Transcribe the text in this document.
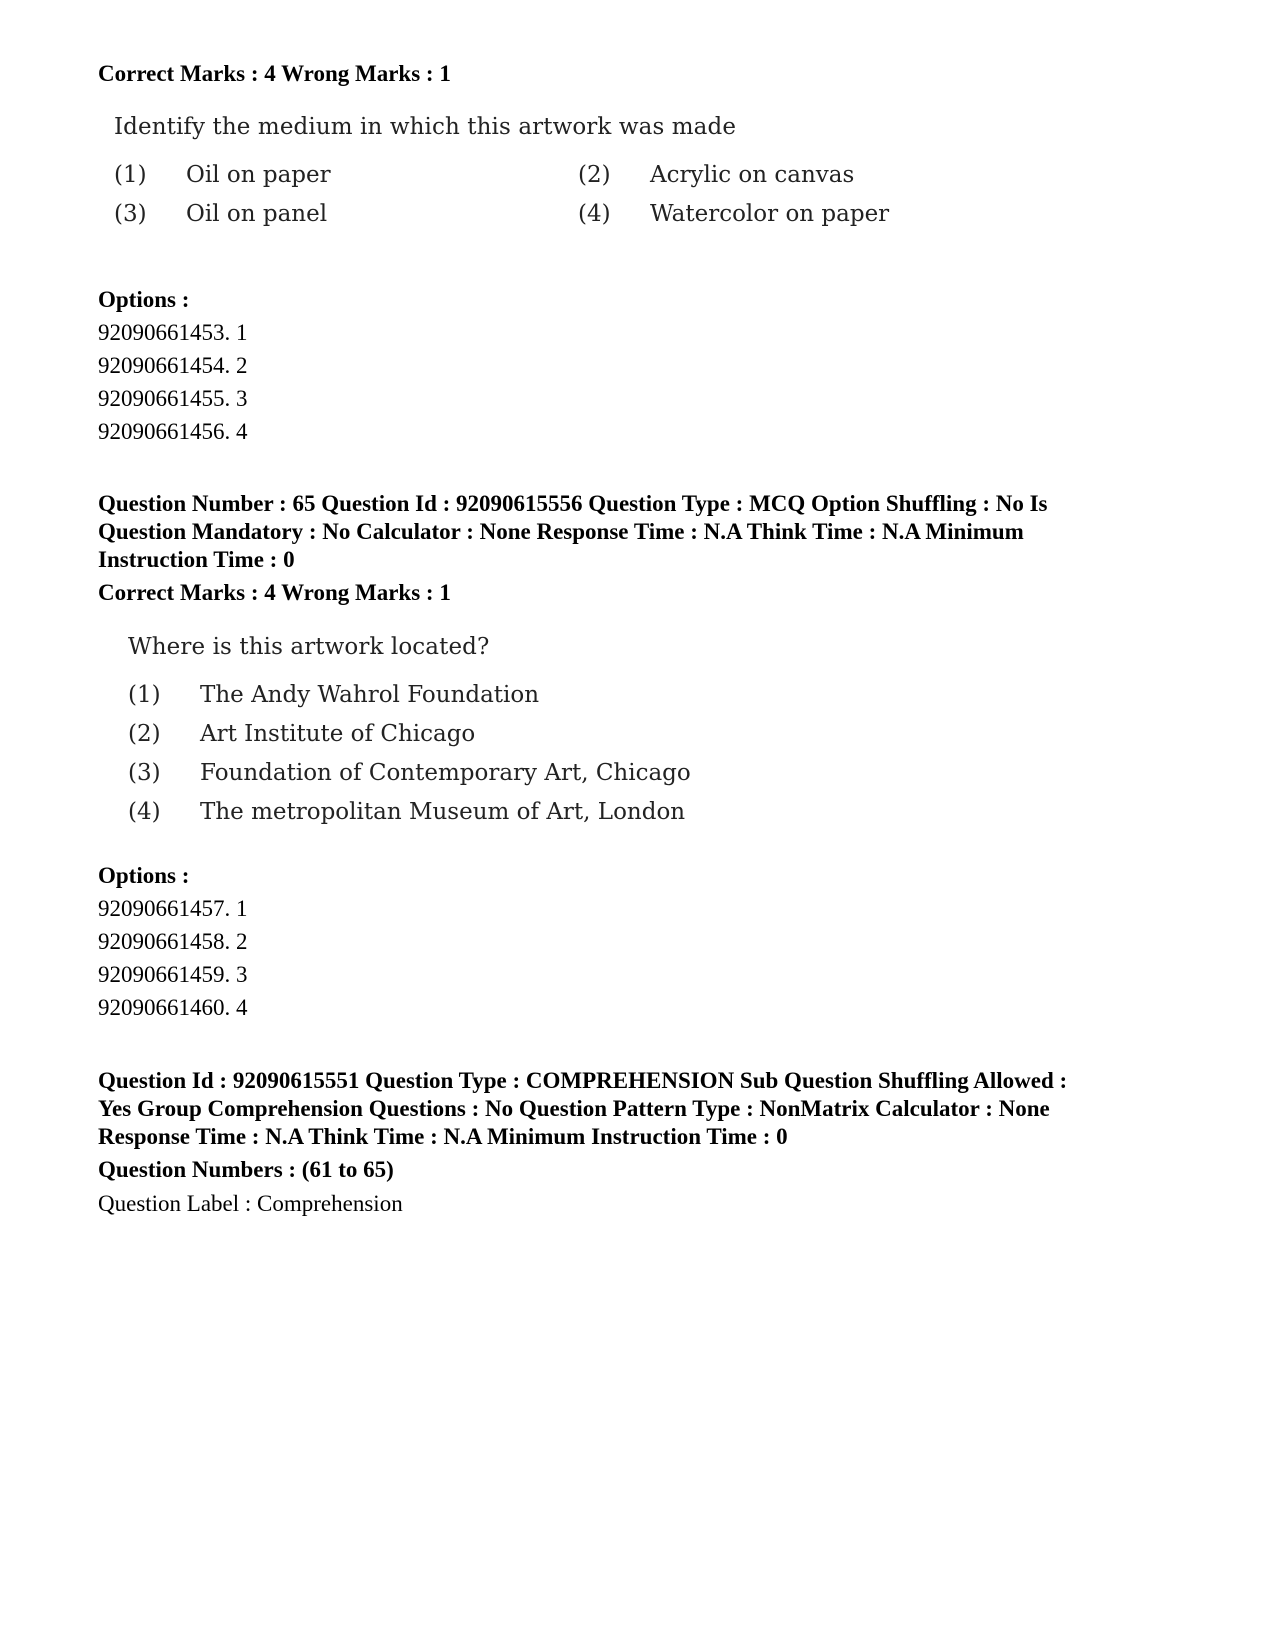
Correct Marks : 4 Wrong Marks : 1
Identify the medium in which this artwork was made
(1) Oil on paper	(2) Acrylic on canvas
(3) Oil on panel	(4) Watercolor on paper
Options :
92090661453. 1
92090661454. 2
92090661455. 3
92090661456. 4
Question Number : 65 Question Id : 92090615556 Question Type : MCQ Option Shuffling : No Is
Question Mandatory : No Calculator : None Response Time : N.A Think Time : N.A Minimum
Instruction Time : 0
Correct Marks : 4 Wrong Marks : 1
Where is this artwork located?
(1) The Andy Wahrol Foundation
(2) Art Institute of Chicago
(3) Foundation of Contemporary Art, Chicago
(4) The metropolitan Museum of Art, London
Options :
92090661457. 1
92090661458. 2
92090661459. 3
92090661460. 4
Question Id : 92090615551 Question Type : COMPREHENSION Sub Question Shuffling Allowed :
Yes Group Comprehension Questions : No Question Pattern Type : NonMatrix Calculator : None
Response Time : N.A Think Time : N.A Minimum Instruction Time : 0
Question Numbers : (61 to 65)
Question Label : Comprehension
